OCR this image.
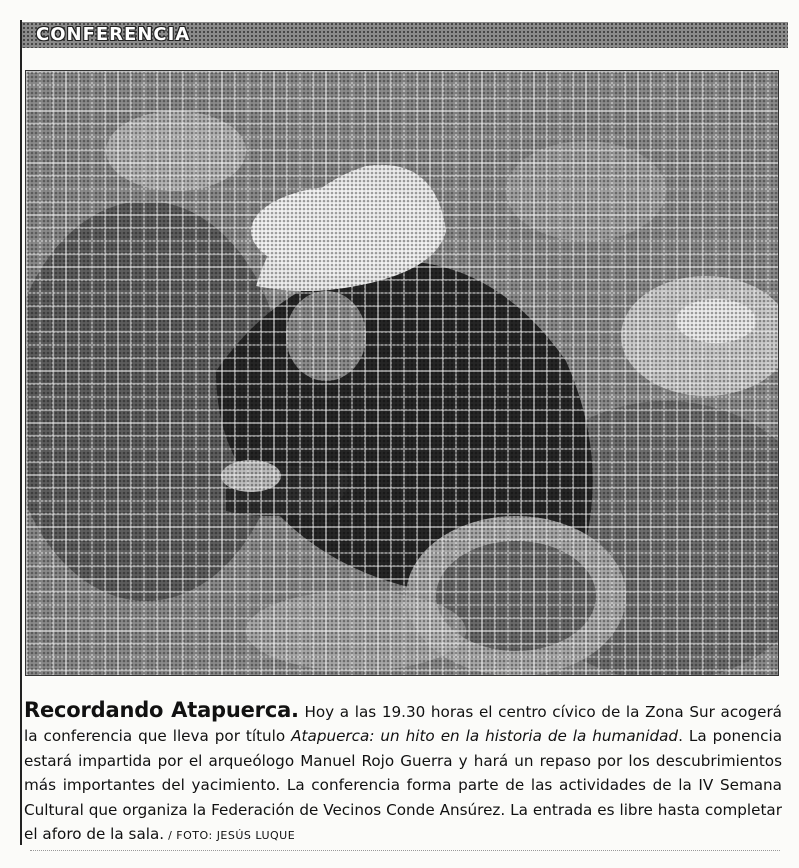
CONFERENCIA
Recordando Atapuerca. Hoy a las 19.30 horas el centro cívico de la Zona Sur acogerá la conferencia que lleva por título Atapuerca: un hito en la historia de la humanidad. La ponencia estará impartida por el arqueólogo Manuel Rojo Guerra y hará un repaso por los descubrimientos más importantes del yacimiento. La conferencia forma parte de las actividades de la IV Semana Cultural que organiza la Federación de Vecinos Conde Ansúrez. La entrada es libre hasta completar el aforo de la sala. / FOTO: JESÚS LUQUE
